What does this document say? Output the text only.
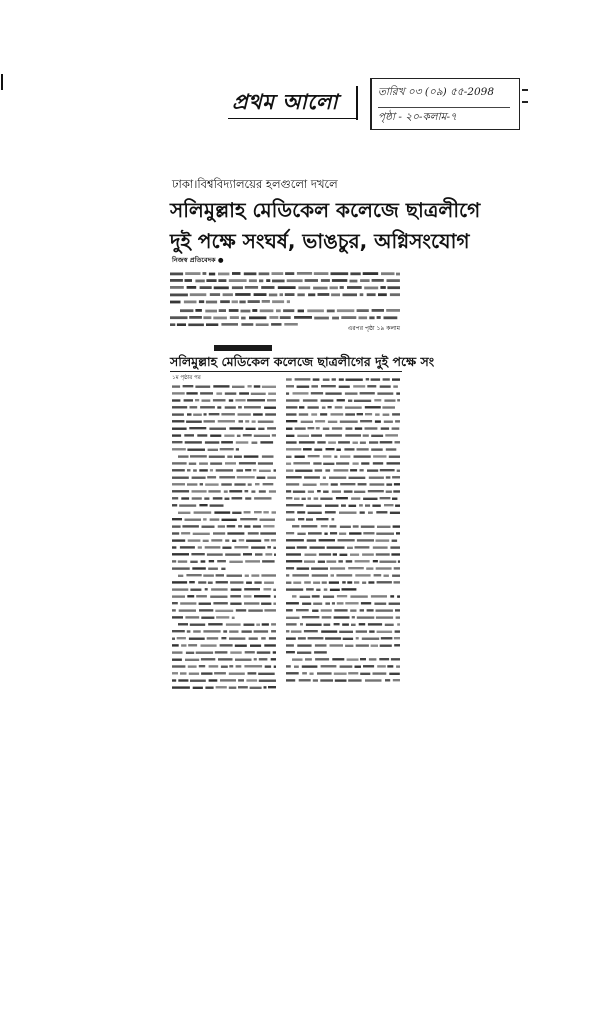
প্রথম আলো	তারিখ ০৩ (০৯) ৫৫-2098
পৃষ্ঠা - ২০-কলাম-৭
ঢাকা।বিশ্ববিদ্যালয়ের হলগুলো দখলে
সলিমুল্লাহ মেডিকেল কলেজে ছাত্রলীগে
দুই পক্ষে সংঘর্ষ, ভাঙচুর, অগ্নিসংযোগ
নিজস্ব প্রতিবেদক ●
এরপর পৃষ্ঠা ১৯ কলাম
সলিমুল্লাহ মেডিকেল কলেজে ছাত্রলীগের দুই পক্ষে সং
১ম পৃষ্ঠার পর
